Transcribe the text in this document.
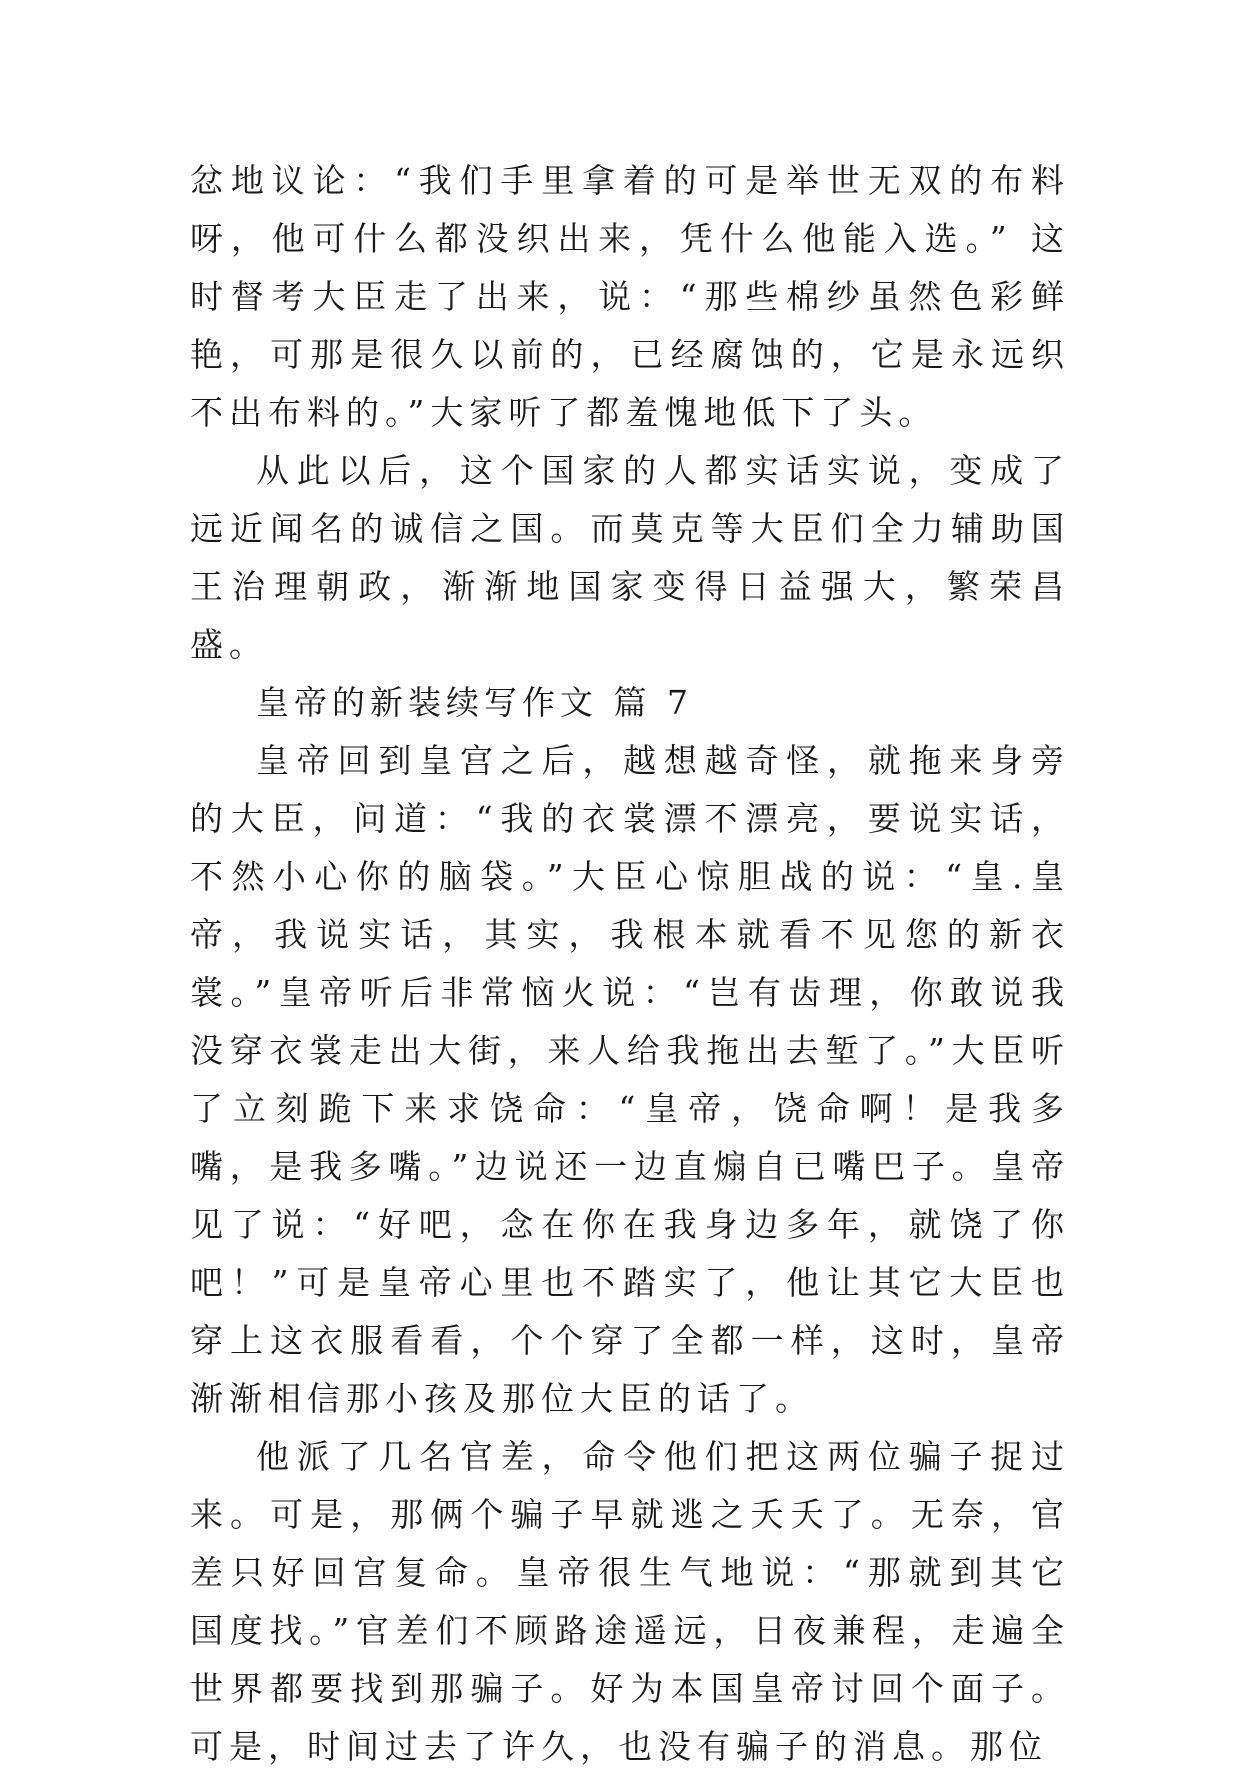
忿地议论：“我们手里拿着的可是举世无双的布料呀，他可什么都没织出来，凭什么他能入选。” 这时督考大臣走了出来，说：“那些棉纱虽然色彩鲜艳，可那是很久以前的，已经腐蚀的，它是永远织不出布料的。”大家听了都羞愧地低下了头。

从此以后，这个国家的人都实话实说，变成了远近闻名的诚信之国。而莫克等大臣们全力辅助国王治理朝政，渐渐地国家变得日益强大，繁荣昌盛。

皇帝的新装续写作文 篇 7

皇帝回到皇宫之后，越想越奇怪，就拖来身旁的大臣，问道：“我的衣裳漂不漂亮，要说实话，不然小心你的脑袋。”大臣心惊胆战的说：“皇.皇帝，我说实话，其实，我根本就看不见您的新衣裳。”皇帝听后非常恼火说：“岂有齿理，你敢说我没穿衣裳走出大街，来人给我拖出去堑了。”大臣听了立刻跪下来求饶命：“皇帝，饶命啊！是我多嘴，是我多嘴。”边说还一边直煽自已嘴巴子。皇帝见了说：“好吧，念在你在我身边多年，就饶了你吧！”可是皇帝心里也不踏实了，他让其它大臣也穿上这衣服看看，个个穿了全都一样，这时，皇帝渐渐相信那小孩及那位大臣的话了。

他派了几名官差，命令他们把这两位骗子捉过来。可是，那俩个骗子早就逃之夭夭了。无奈，官差只好回宫复命。皇帝很生气地说：“那就到其它国度找。”官差们不顾路途遥远，日夜兼程，走遍全世界都要找到那骗子。好为本国皇帝讨回个面子。可是，时间过去了许久，也没有骗子的消息。那位
